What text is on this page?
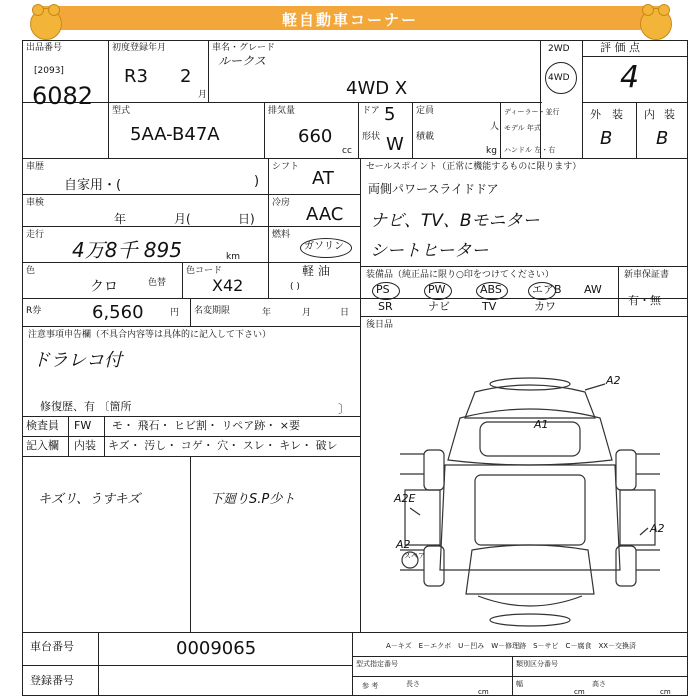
軽自動車コーナー
出品番号
[2093]
6082
初度登録年月
R3 2
月
車名・グレード
ルークス
4WD X
2WD
4WD
評 価 点
4
外 装 内 装
B B
型式
5AA-B47A
排気量
660
cc
ドア 5
形状 W
定員
人
積載
kg
ディーラー・並行
モデル 年式
ハンドル 左・右
車歴
自家用・(	)
車検
年	月(	日)
走行
4万8千 895	km
色
クロ	色替
色コード
X42
シフト
AT
冷房
AAC
燃料
ガソリン
軽 油
( )
R券	6,560	円 名変期限	年	月	日
セールスポイント（正常に機能するものに限ります）
両側パワースライドドア
ナビ、TV、Bモニター
シートヒーター
装備品（純正品に限り○印をつけてください）	新車保証書
有・無
PS	PW	ABS	エアB AW
SR	ナビ	TV	カワ
後日品
注意事項申告欄（不具合内容等は具体的に記入して下さい）
ドラレコ付
修復歴、有 〔箇所	〕
検査員
記入欄
FW モ・ 飛石・ ヒビ割・ リペア跡・ ×要
内装 キズ・ 汚し・ コゲ・ 穴・ スレ・ キレ・ 破レ
キズリ、うすキズ	下廻りS.P少ト
A1
A2
A2E
A2
A2
スペア
車台番号	0009065
登録番号
A－キズ　E－エクボ　U－凹み　W－修理跡　S－サビ　C－腐食　XX－交換済
型式指定番号	類別区分番号
参 考	長さ
cm
幅
cm
高さ
cm
